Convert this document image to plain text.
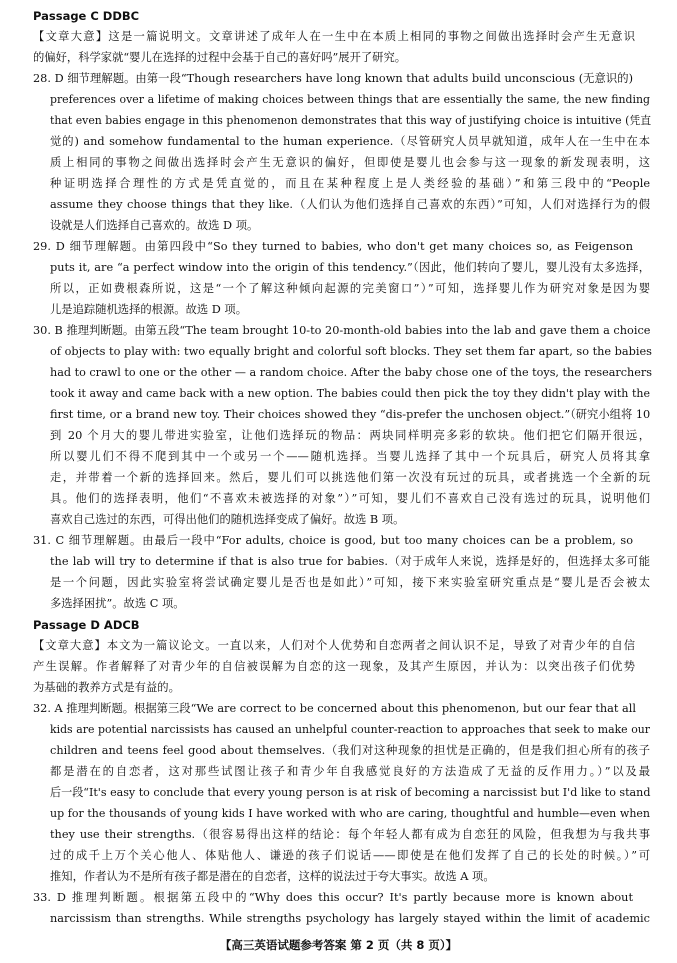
Passage C DDBC
【文章大意】这是一篇说明文。文章讲述了成年人在一生中在本质上相同的事物之间做出选择时会产生无意识
的偏好，科学家就“婴儿在选择的过程中会基于自己的喜好吗”展开了研究。
28. D 细节理解题。由第一段“Though researchers have long known that adults build unconscious (无意识的)
preferences over a lifetime of making choices between things that are essentially the same, the new finding
that even babies engage in this phenomenon demonstrates that this way of justifying choice is intuitive (凭直
觉的) and somehow fundamental to the human experience.（尽管研究人员早就知道，成年人在一生中在本
质上相同的事物之间做出选择时会产生无意识的偏好，但即使是婴儿也会参与这一现象的新发现表明，这
种证明选择合理性的方式是凭直觉的，而且在某种程度上是人类经验的基础）”和第三段中的“People
assume they choose things that they like.（人们认为他们选择自己喜欢的东西）”可知，人们对选择行为的假
设就是人们选择自己喜欢的。故选 D 项。
29. D 细节理解题。由第四段中“So they turned to babies, who don't get many choices so, as Feigenson
puts it, are “a perfect window into the origin of this tendency.”（因此，他们转向了婴儿，婴儿没有太多选择，
所以，正如费根森所说，这是“一个了解这种倾向起源的完美窗口”）”可知，选择婴儿作为研究对象是因为婴
儿是追踪随机选择的根源。故选 D 项。
30. B 推理判断题。由第五段“The team brought 10-to 20-month-old babies into the lab and gave them a choice
of objects to play with: two equally bright and colorful soft blocks. They set them far apart, so the babies
had to crawl to one or the other — a random choice. After the baby chose one of the toys, the researchers
took it away and came back with a new option. The babies could then pick the toy they didn't play with the
first time, or a brand new toy. Their choices showed they “dis-prefer the unchosen object.”（研究小组将 10
到 20 个月大的婴儿带进实验室，让他们选择玩的物品：两块同样明亮多彩的软块。他们把它们隔开很远，
所以婴儿们不得不爬到其中一个或另一个——随机选择。当婴儿选择了其中一个玩具后，研究人员将其拿
走，并带着一个新的选择回来。然后，婴儿们可以挑选他们第一次没有玩过的玩具，或者挑选一个全新的玩
具。他们的选择表明，他们“不喜欢未被选择的对象”）”可知，婴儿们不喜欢自己没有选过的玩具，说明他们
喜欢自己选过的东西，可得出他们的随机选择变成了偏好。故选 B 项。
31. C 细节理解题。由最后一段中“For adults, choice is good, but too many choices can be a problem, so
the lab will try to determine if that is also true for babies.（对于成年人来说，选择是好的，但选择太多可能
是一个问题，因此实验室将尝试确定婴儿是否也是如此）”可知，接下来实验室研究重点是“婴儿是否会被太
多选择困扰”。故选 C 项。
Passage D ADCB
【文章大意】本文为一篇议论文。一直以来，人们对个人优势和自恋两者之间认识不足，导致了对青少年的自信
产生误解。作者解释了对青少年的自信被误解为自恋的这一现象，及其产生原因，并认为：以突出孩子们优势
为基础的教养方式是有益的。
32. A 推理判断题。根据第三段“We are correct to be concerned about this phenomenon, but our fear that all
kids are potential narcissists has caused an unhelpful counter-reaction to approaches that seek to make our
children and teens feel good about themselves.（我们对这种现象的担忧是正确的，但是我们担心所有的孩子
都是潜在的自恋者，这对那些试图让孩子和青少年自我感觉良好的方法造成了无益的反作用力。）”以及最
后一段“It's easy to conclude that every young person is at risk of becoming a narcissist but I'd like to stand
up for the thousands of young kids I have worked with who are caring, thoughtful and humble—even when
they use their strengths.（很容易得出这样的结论：每个年轻人都有成为自恋狂的风险，但我想为与我共事
过的成千上万个关心他人、体贴他人、谦逊的孩子们说话——即使是在他们发挥了自己的长处的时候。）”可
推知，作者认为不是所有孩子都是潜在的自恋者，这样的说法过于夸大事实。故选 A 项。
33. D 推理判断题。根据第五段中的“Why does this occur? It's partly because more is known about
narcissism than strengths. While strengths psychology has largely stayed within the limit of academic
【高三英语试题参考答案 第 2 页（共 8 页）】
